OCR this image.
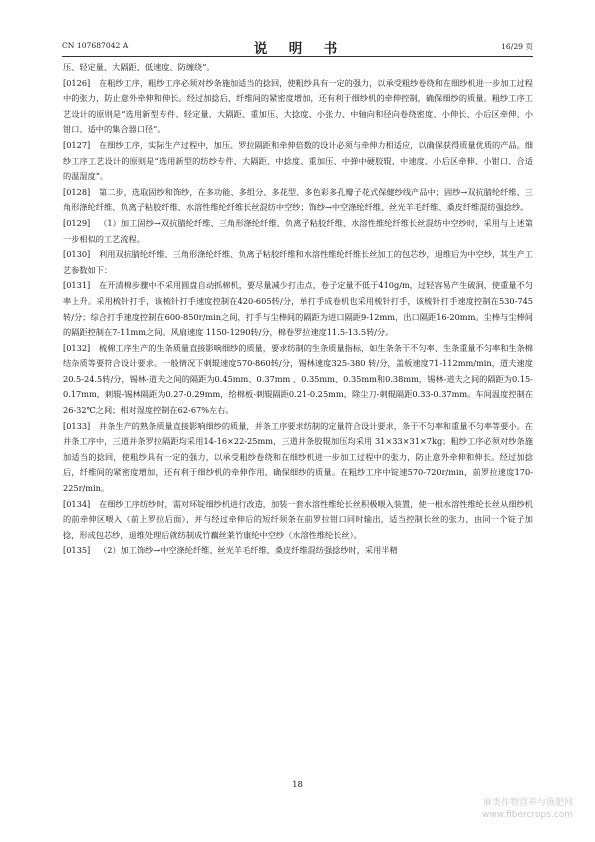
CN 107687042 A	说　明　书	16/29 页

压、轻定量、大隔距、低速度、防缠绕”。

[0126] 在粗纱工序，粗纱工序必须对纱条施加适当的捻回，使粗纱具有一定的强力，以承受粗纱卷绕和在细纱机进一步加工过程中的张力，防止意外牵伸和伸长。经过加捻后，纤维间的紧密度增加，还有利于细纱机的牵伸控制，确保细纱的质量。粗纱工序工艺设计的原则是“选用新型专件、轻定量、大隔距、重加压、大捻度、小张力、中轴向和径向卷绕密度、小伸长、小后区牵伸、小钳口、适中的集合器口径”。

[0127] 在细纱工序，实际生产过程中，加压、罗拉隔距和牵伸倍数的设计必须与牵伸力相适应，以确保获得质量优质的产品。细纱工序工艺设计的原则是“选用新型的纺纱专件、大隔距、中捻度、重加压、中弹中硬胶辊、中速度、小后区牵伸、小钳口、合适的温湿度”。

[0128] 第二步，选取固纱和饰纱，在多功能、多组分、多花型、多色彩多孔瓣子花式保健纱线产品中；固纱→双抗腈纶纤维、三角形涤纶纤维、负离子粘胶纤维、水溶性维纶纤维长丝混纺中空纱；饰纱→中空涤纶纤维、丝光羊毛纤维、桑皮纤维混纺强捻纱。

[0129] （1）加工固纱→双抗腈纶纤维、三角形涤纶纤维、负离子粘胶纤维、水溶性维纶纤维长丝混纺中空纱时，采用与上述第一步相似的工艺流程。

[0130] 利用双抗腈纶纤维、三角形涤纶纤维、负离子粘胶纤维和水溶性维纶纤维长丝加工的包芯纱，退维后为中空纱，其生产工艺参数如下：

[0131] 在开清棉步骤中不采用圆盘自动抓棉机，要尽量减少打击点，卷子定量不低于410g/m，过轻容易产生破洞，使重量不匀率上升。采用梳针打手，该梳针打手速度控制在420-605转/分，单打手成卷机也采用梳针打手，该梳针打手速度控制在530-745转/分；综合打手速度控制在600-850r/min之间，打手与尘棒间的隔距为进口隔距9-12mm，出口隔距16-20mm。尘棒与尘棒间的隔距控制在7-11mm之间。风扇速度 1150-1290转/分，棉卷罗拉速度11.5-13.5转/分。

[0132] 梳棉工序生产的生条质量直接影响细纱的质量，要求纺制的生条质量指标，如生条条干不匀率、生条重量不匀率和生条棉结杂质等要符合设计要求。一般情况下刺辊速度570-860转/分，锡林速度325-380 转/分，盖板速度71-112mm/min，道夫速度20.5-24.5转/分，锡林-道夫之间的隔距为0.45mm、0.37mm 、0.35mm、0.35mm和0.38mm，锡林-道夫之间的隔距为0.15-0.17mm，刺辊-锡林隔距为0.27-0.29mm，给棉板-刺辊隔距0.21-0.25mm，除尘刀-刺辊隔距0.33-0.37mm。车间温度控制在26-32℃之间；相对湿度控制在62-67%左右。

[0133] 并条生产的熟条质量直接影响细纱的质量，并条工序要求纺制的定量符合设计要求，条干不匀率和重量不匀率等要小。在并条工序中，三道并条罗拉隔距均采用14-16×22-25mm，三道并条胶辊加压均采用 31×33×31×7kg；粗纱工序必须对纱条施加适当的捻回，使粗纱具有一定的强力，以承受粗纱卷绕和在细纱机进一步加工过程中的张力，防止意外牵伸和伸长。经过加捻后，纤维间的紧密度增加，还有利于细纱机的牵伸作用，确保细纱的质量。在粗纱工序中锭速570-720r/min，前罗拉速度170-225r/min。

[0134] 在细纱工序纺纱时，需对环锭细纱机进行改造，加装一套水溶性维纶长丝积极喂入装置，使一根水溶性维纶长丝从细纱机的前牵伸区喂入（前上罗拉后面），并与经过牵伸后的短纤须条在前罗拉钳口同时输出，适当控制长丝的张力，由同一个锭子加捻，形成包芯纱，退维处理后就纺制成竹藕丝莱竹康纶中空纱（水溶性维纶长丝）。

[0135] （2）加工饰纱→中空涤纶纤维、丝光羊毛纤维、桑皮纤维混纺强捻纱时，采用半精

18
麻类作物营养与施肥网
www.fibercrops.com
